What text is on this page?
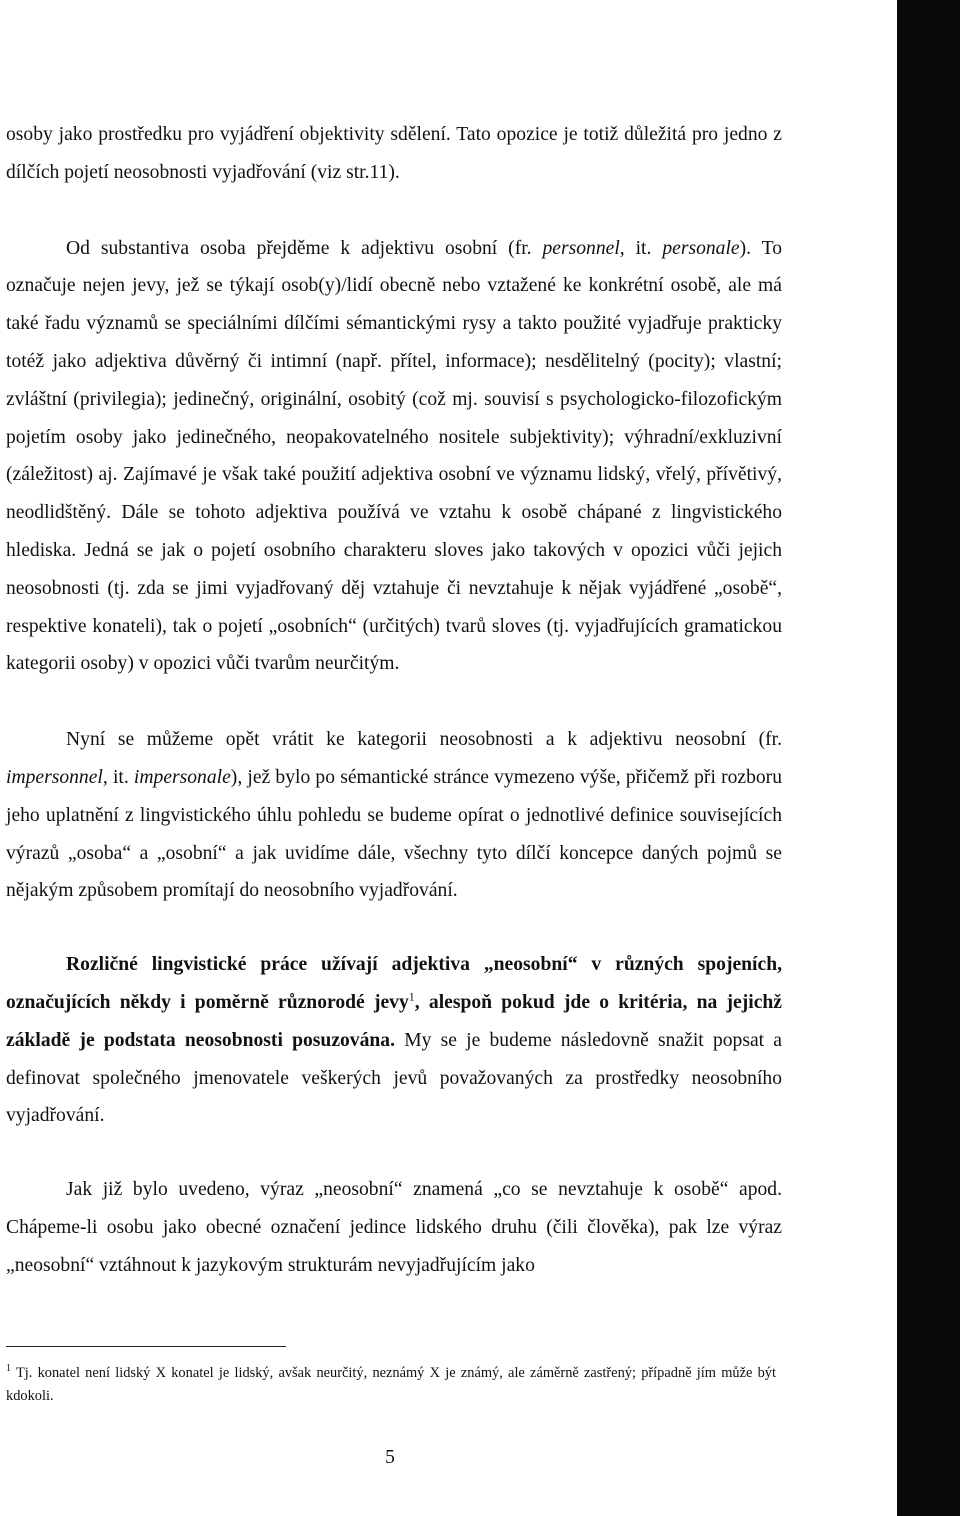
osoby jako prostředku pro vyjádření objektivity sdělení. Tato opozice je totiž důležitá pro jedno z dílčích pojetí neosobnosti vyjadřování (viz str.11).

Od substantiva osoba přejděme k adjektivu osobní (fr. personnel, it. personale). To označuje nejen jevy, jež se týkají osob(y)/lidí obecně nebo vztažené ke konkrétní osobě, ale má také řadu významů se speciálními dílčími sémantickými rysy a takto použité vyjadřuje prakticky totéž jako adjektiva důvěrný či intimní (např. přítel, informace); nesdělitelný (pocity); vlastní; zvláštní (privilegia); jedinečný, originální, osobitý (což mj. souvisí s psychologicko-filozofickým pojetím osoby jako jedinečného, neopakovatelného nositele subjektivity); výhradní/exkluzivní (záležitost) aj. Zajímavé je však také použití adjektiva osobní ve významu lidský, vřelý, přívětivý, neodlidštěný. Dále se tohoto adjektiva používá ve vztahu k osobě chápané z lingvistického hlediska. Jedná se jak o pojetí osobního charakteru sloves jako takových v opozici vůči jejich neosobnosti (tj. zda se jimi vyjadřovaný děj vztahuje či nevztahuje k nějak vyjádřené „osobě“, respektive konateli), tak o pojetí „osobních“ (určitých) tvarů sloves (tj. vyjadřujících gramatickou kategorii osoby) v opozici vůči tvarům neurčitým.

Nyní se můžeme opět vrátit ke kategorii neosobnosti a k adjektivu neosobní (fr. impersonnel, it. impersonale), jež bylo po sémantické stránce vymezeno výše, přičemž při rozboru jeho uplatnění z lingvistického úhlu pohledu se budeme opírat o jednotlivé definice souvisejících výrazů „osoba“ a „osobní“ a jak uvidíme dále, všechny tyto dílčí koncepce daných pojmů se nějakým způsobem promítají do neosobního vyjadřování.

Rozličné lingvistické práce užívají adjektiva „neosobní“ v různých spojeních, označujících někdy i poměrně různorodé jevy$^1$, alespoň pokud jde o kritéria, na jejichž základě je podstata neosobnosti posuzována. My se je budeme následovně snažit popsat a definovat společného jmenovatele veškerých jevů považovaných za prostředky neosobního vyjadřování.

Jak již bylo uvedeno, výraz „neosobní“ znamená „co se nevztahuje k osobě“ apod. Chápeme-li osobu jako obecné označení jedince lidského druhu (čili člověka), pak lze výraz „neosobní“ vztáhnout k jazykovým strukturám nevyjadřujícím jako

$^1$ Tj. konatel není lidský X konatel je lidský, avšak neurčitý, neznámý X je známý, ale záměrně zastřený; případně jím může být kdokoli.
5
